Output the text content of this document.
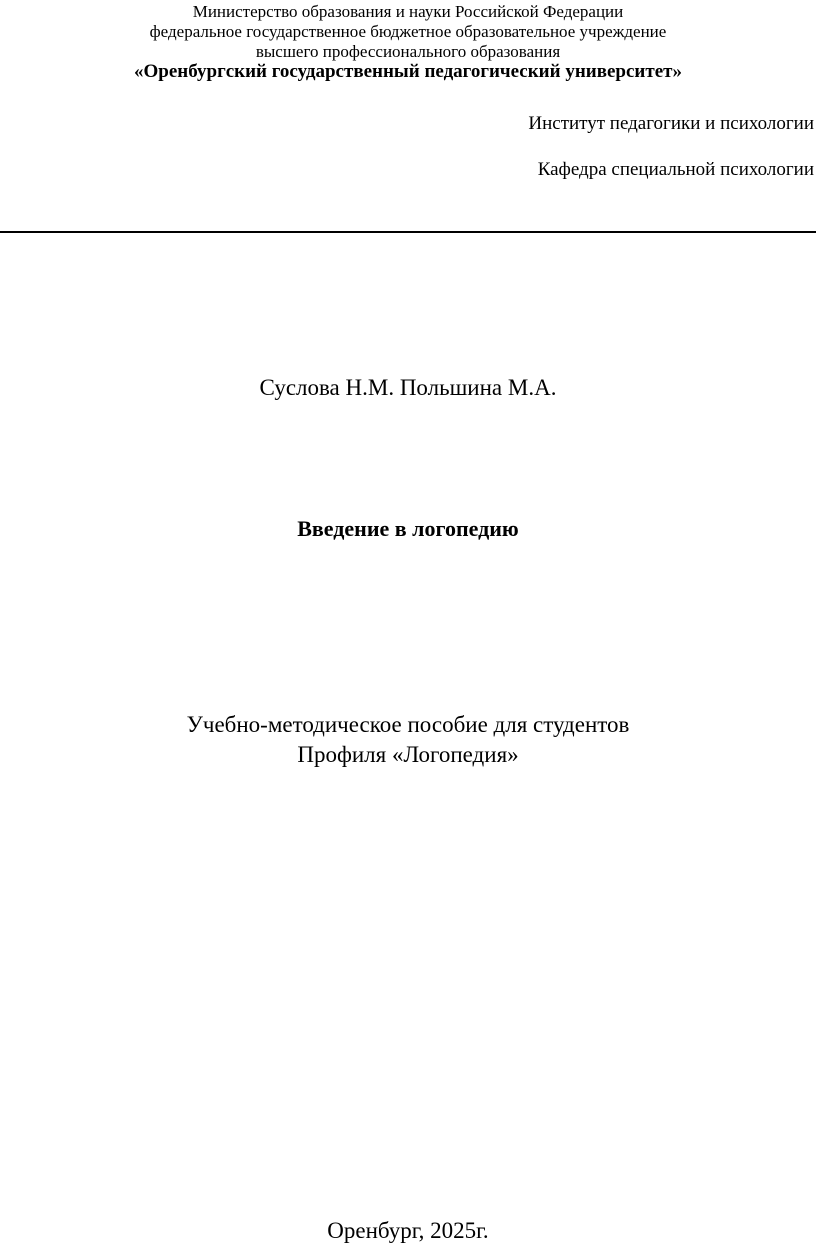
Министерство образования и науки Российской Федерации
федеральное государственное бюджетное образовательное учреждение
высшего профессионального образования
«Оренбургский государственный педагогический университет»
Институт педагогики и психологии
Кафедра специальной психологии
Суслова Н.М. Польшина М.А.
Введение в логопедию
Учебно-методическое пособие для студентов
Профиля «Логопедия»
Оренбург, 2025г.
